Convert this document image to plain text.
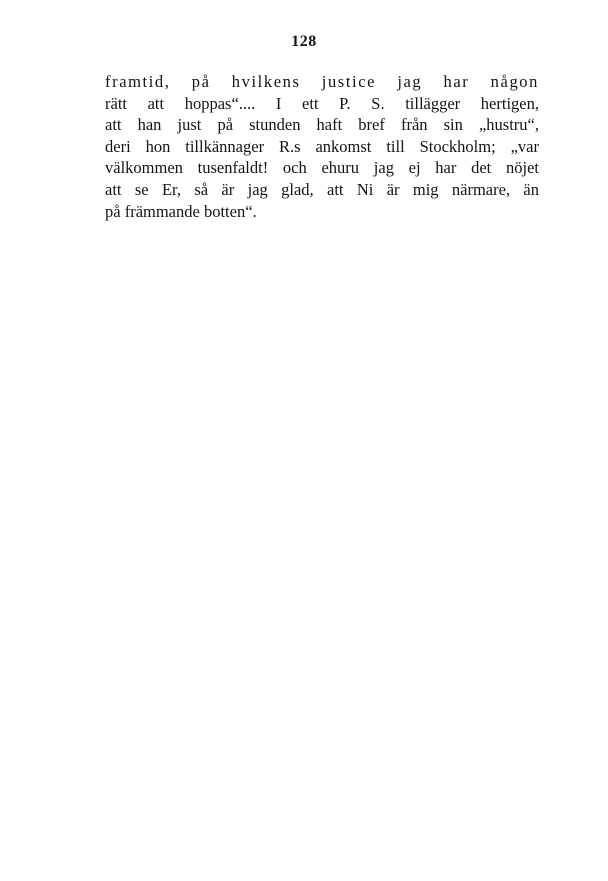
128
framtid, på hvilkens justice jag har någon
rätt att hoppas“.... I ett P. S. tillägger hertigen,
att han just på stunden haft bref från sin „hustru“,
deri hon tillkännager R.s ankomst till Stockholm; „var
välkommen tusenfaldt! och ehuru jag ej har det nöjet
att se Er, så är jag glad, att Ni är mig närmare, än
på främmande botten“.
